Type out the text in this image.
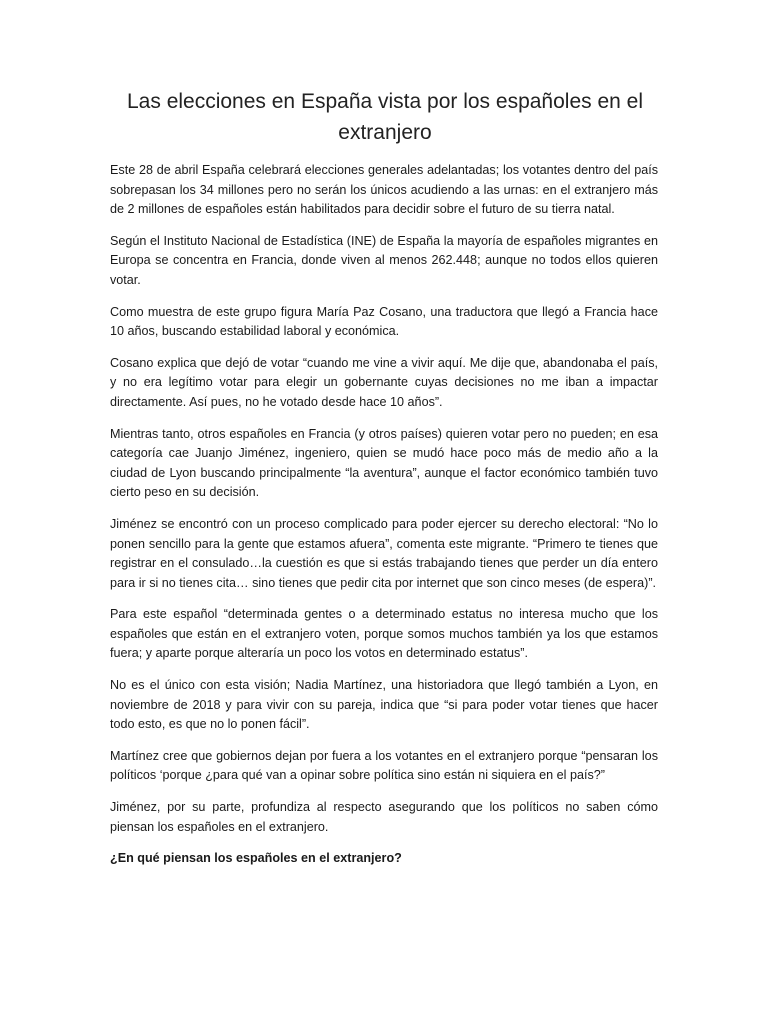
Las elecciones en España vista por los españoles en el extranjero

Este 28 de abril España celebrará elecciones generales adelantadas; los votantes dentro del país sobrepasan los 34 millones pero no serán los únicos acudiendo a las urnas: en el extranjero más de 2 millones de españoles están habilitados para decidir sobre el futuro de su tierra natal.

Según el Instituto Nacional de Estadística (INE) de España la mayoría de españoles migrantes en Europa se concentra en Francia, donde viven al menos 262.448; aunque no todos ellos quieren votar.

Como muestra de este grupo figura María Paz Cosano, una traductora que llegó a Francia hace 10 años, buscando estabilidad laboral y económica.

Cosano explica que dejó de votar “cuando me vine a vivir aquí. Me dije que, abandonaba el país, y no era legítimo votar para elegir un gobernante cuyas decisiones no me iban a impactar directamente. Así pues, no he votado desde hace 10 años”.

Mientras tanto, otros españoles en Francia (y otros países) quieren votar pero no pueden; en esa categoría cae Juanjo Jiménez, ingeniero, quien se mudó hace poco más de medio año a la ciudad de Lyon buscando principalmente “la aventura”, aunque el factor económico también tuvo cierto peso en su decisión.

Jiménez se encontró con un proceso complicado para poder ejercer su derecho electoral: “No lo ponen sencillo para la gente que estamos afuera”, comenta este migrante. “Primero te tienes que registrar en el consulado…la cuestión es que si estás trabajando tienes que perder un día entero para ir si no tienes cita… sino tienes que pedir cita por internet que son cinco meses (de espera)”.

Para este español “determinada gentes o a determinado estatus no interesa mucho que los españoles que están en el extranjero voten, porque somos muchos también ya los que estamos fuera; y aparte porque alteraría un poco los votos en determinado estatus”.

No es el único con esta visión; Nadia Martínez, una historiadora que llegó también a Lyon, en noviembre de 2018 y para vivir con su pareja, indica que “si para poder votar tienes que hacer todo esto, es que no lo ponen fácil”.

Martínez cree que gobiernos dejan por fuera a los votantes en el extranjero porque “pensaran los políticos ‘porque ¿para qué van a opinar sobre política sino están ni siquiera en el país?”

Jiménez, por su parte, profundiza al respecto asegurando que los políticos no saben cómo piensan los españoles en el extranjero.

¿En qué piensan los españoles en el extranjero?
